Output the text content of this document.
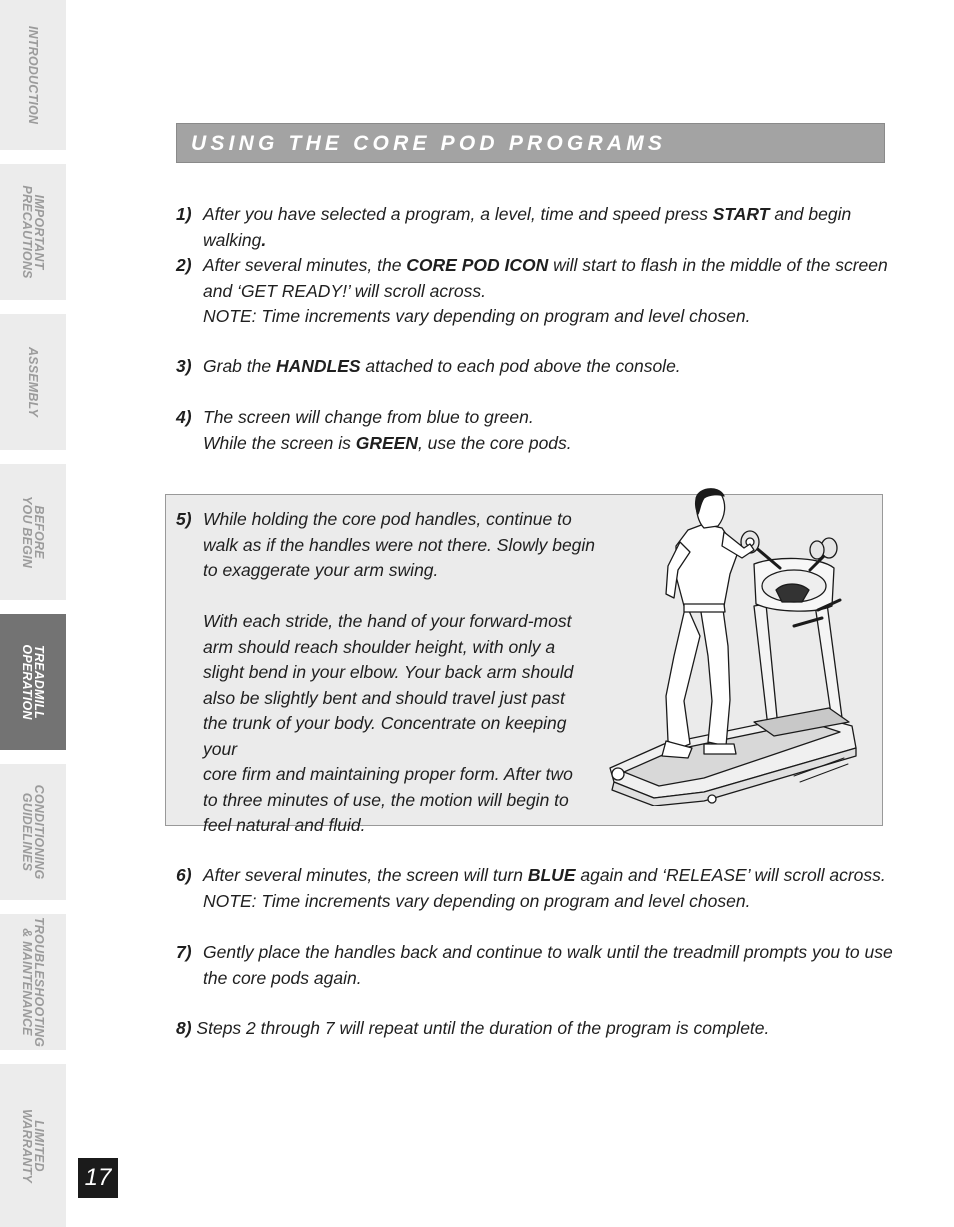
INTRODUCTION
IMPORTANT
PRECAUTIONS
ASSEMBLY
BEFORE
YOU BEGIN
TREADMILL
OPERATION
CONDITIONING
GUIDELINES
TROUBLESHOOTING
& MAINTENANCE
LIMITED
WARRANTY	17
USING THE CORE POD PROGRAMS
1) After you have selected a program, a level, time and speed press START and begin walking.
2) After several minutes, the CORE POD ICON will start to flash in the middle of the screen
and ‘GET READY!’ will scroll across.
NOTE: Time increments vary depending on program and level chosen.
3) Grab the HANDLES attached to each pod above the console.
4) The screen will change from blue to green.
While the screen is GREEN, use the core pods.
5) While holding the core pod handles, continue to
walk as if the handles were not there. Slowly begin
to exaggerate your arm swing.
With each stride, the hand of your forward-most
arm should reach shoulder height, with only a
slight bend in your elbow. Your back arm should
also be slightly bent and should travel just past
the trunk of your body. Concentrate on keeping your
core firm and maintaining proper form. After two
to three minutes of use, the motion will begin to
feel natural and fluid.
6) After several minutes, the screen will turn BLUE again and ‘RELEASE’ will scroll across.
NOTE: Time increments vary depending on program and level chosen.
7) Gently place the handles back and continue to walk until the treadmill prompts you to use
the core pods again.
8) Steps 2 through 7 will repeat until the duration of the program is complete.
